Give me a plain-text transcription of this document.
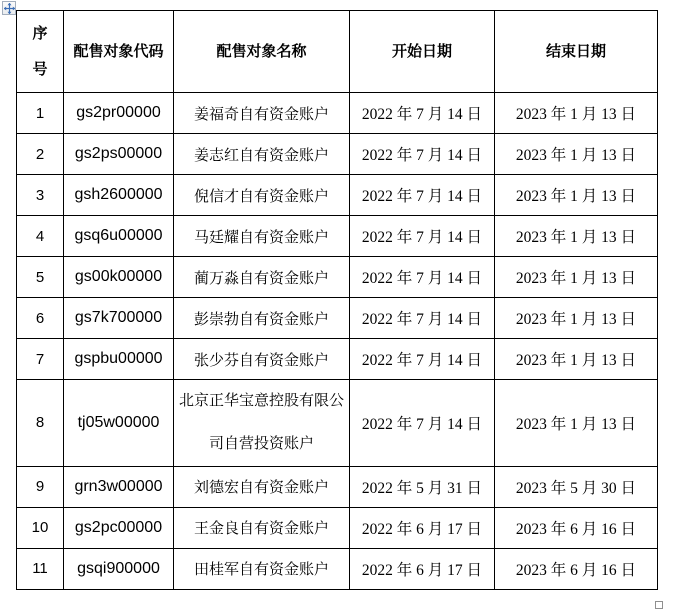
序号	配售对象代码	配售对象名称	开始日期	结束日期
1	gs2pr00000	姜福奇自有资金账户	2022 年 7 月 14 日	2023 年 1 月 13 日
2	gs2ps00000	姜志红自有资金账户	2022 年 7 月 14 日	2023 年 1 月 13 日
3	gsh2600000	倪信才自有资金账户	2022 年 7 月 14 日	2023 年 1 月 13 日
4	gsq6u00000	马廷耀自有资金账户	2022 年 7 月 14 日	2023 年 1 月 13 日
5	gs00k00000	蔺万淼自有资金账户	2022 年 7 月 14 日	2023 年 1 月 13 日
6	gs7k700000	彭崇勃自有资金账户	2022 年 7 月 14 日	2023 年 1 月 13 日
7	gspbu00000	张少芬自有资金账户	2022 年 7 月 14 日	2023 年 1 月 13 日
8	tj05w00000	北京正华宝意控股有限公司自营投资账户	2022 年 7 月 14 日	2023 年 1 月 13 日
9	grn3w00000	刘德宏自有资金账户	2022 年 5 月 31 日	2023 年 5 月 30 日
10	gs2pc00000	王金良自有资金账户	2022 年 6 月 17 日	2023 年 6 月 16 日
11	gsqi900000	田桂军自有资金账户	2022 年 6 月 17 日	2023 年 6 月 16 日
